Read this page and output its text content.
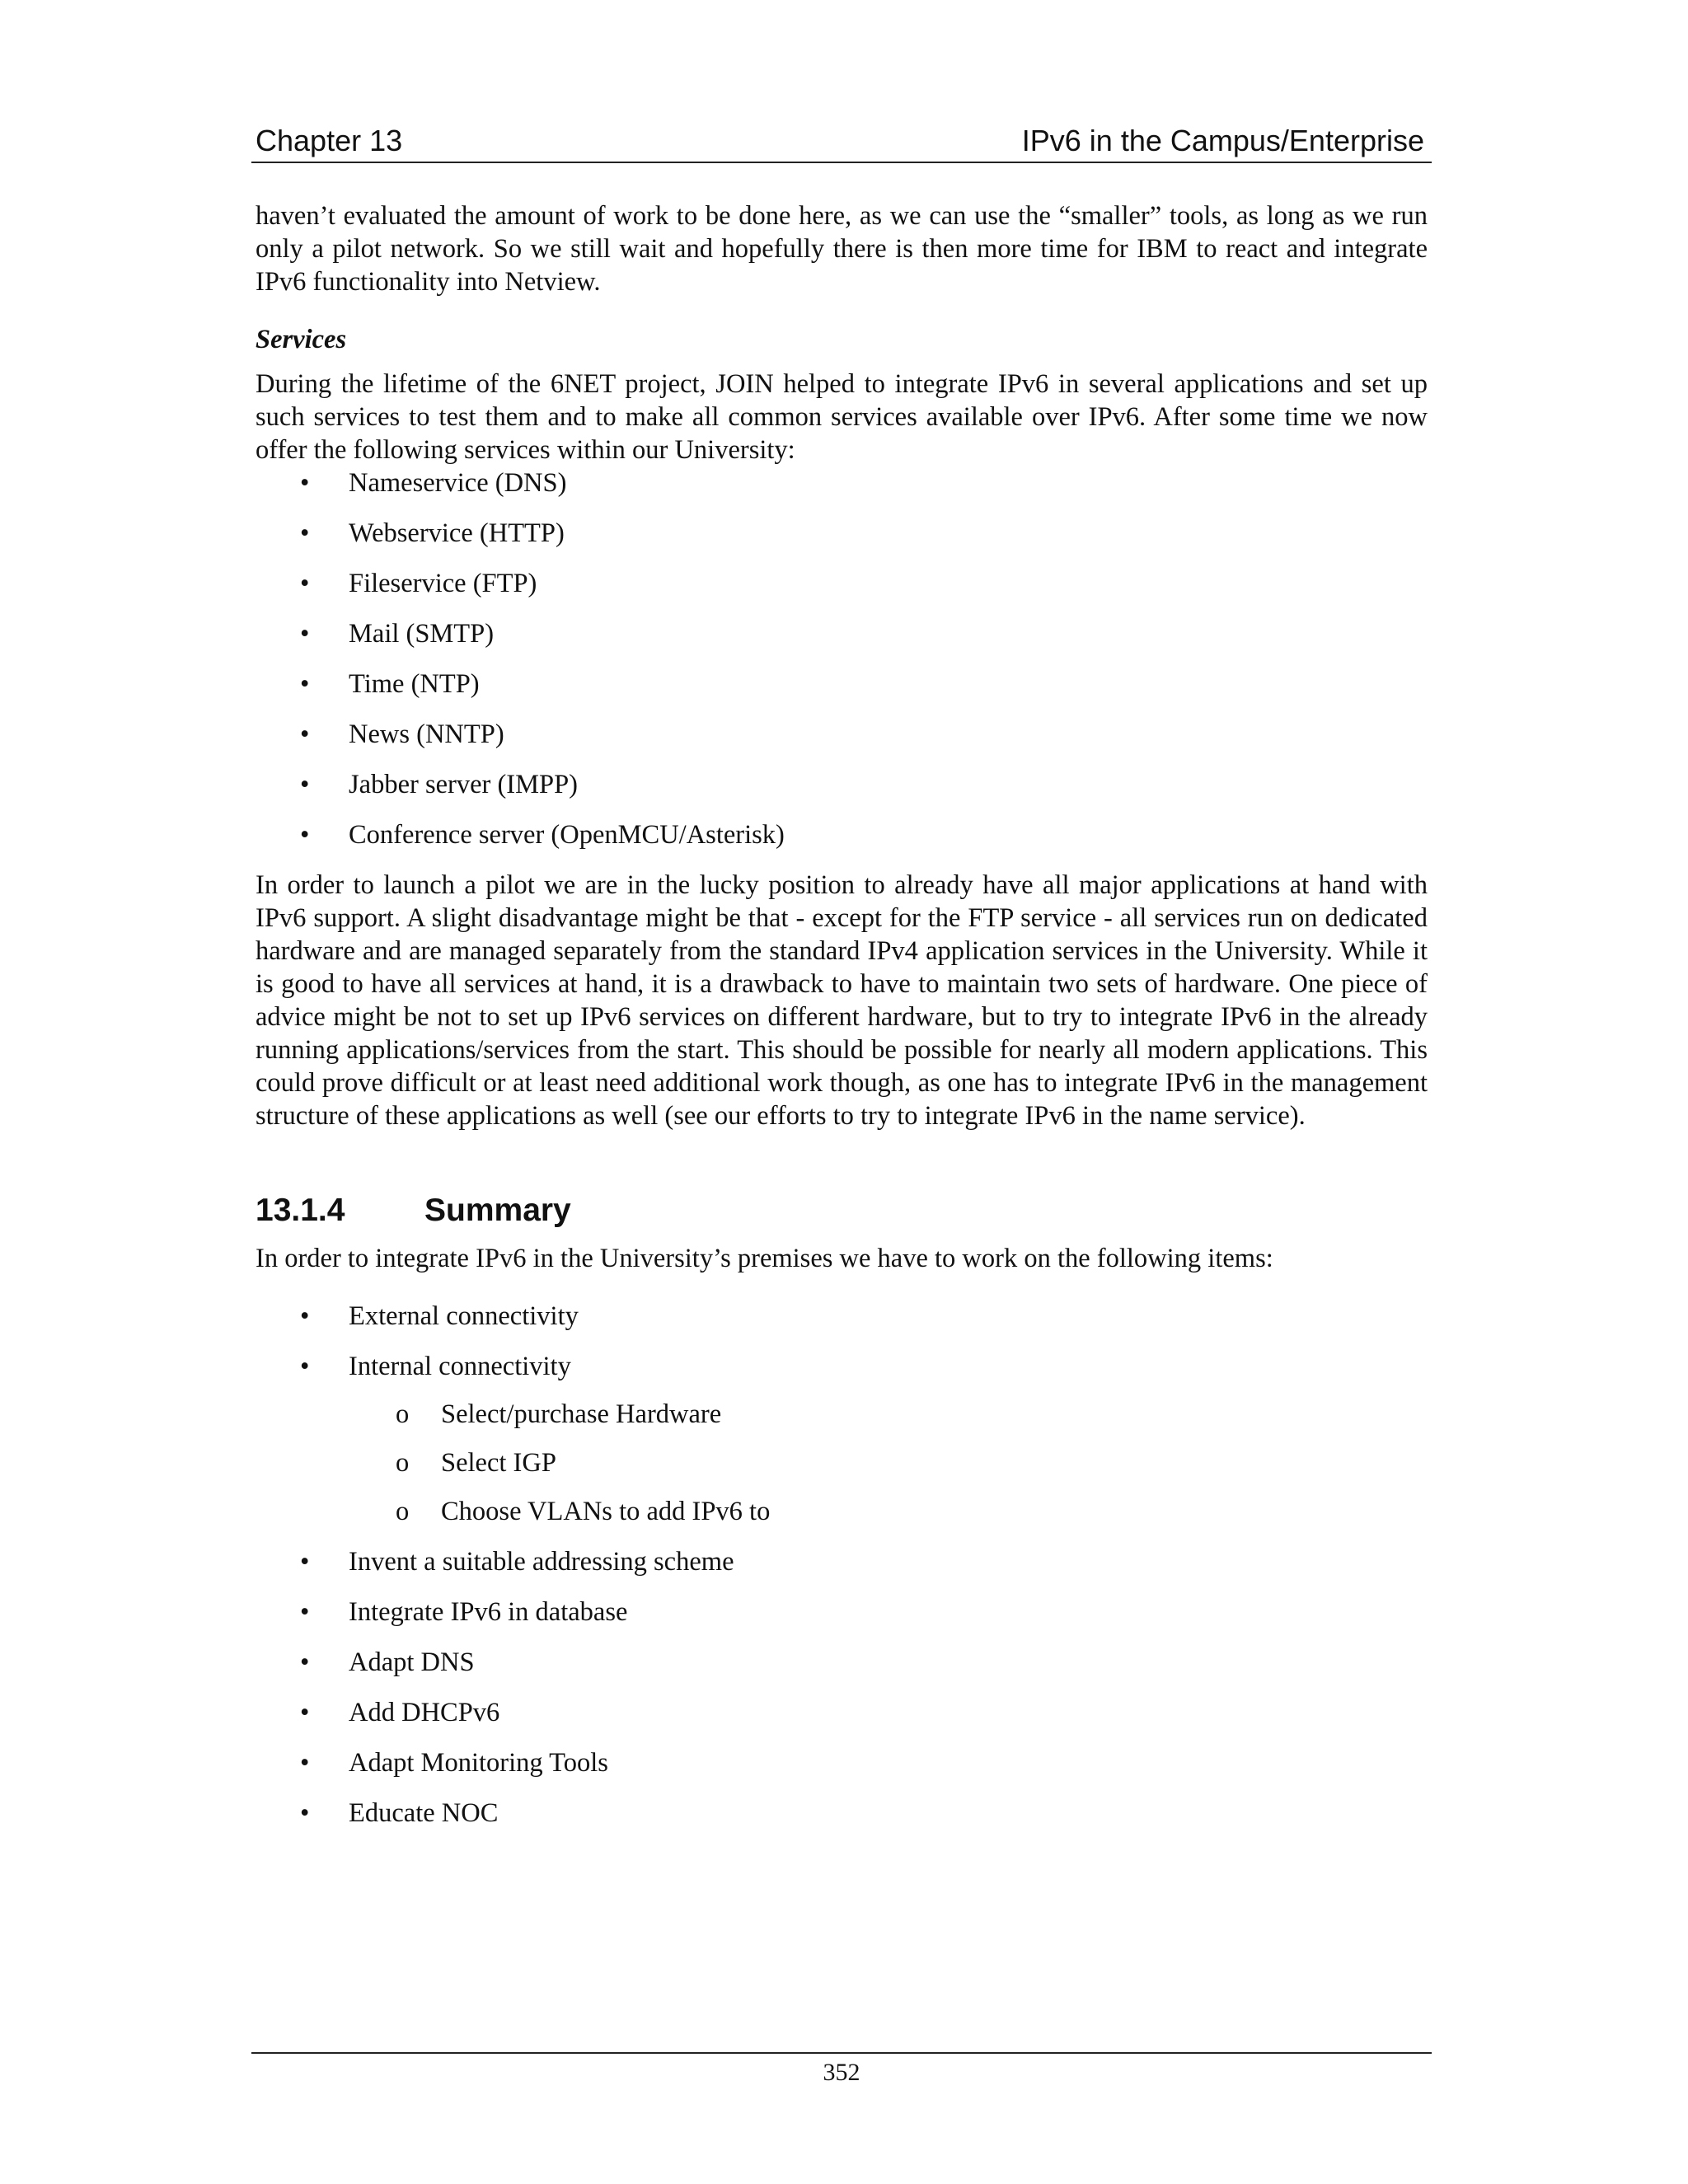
Chapter 13	IPv6 in the Campus/Enterprise

haven’t evaluated the amount of work to be done here, as we can use the “smaller” tools, as long as we run only a pilot network. So we still wait and hopefully there is then more time for IBM to react and integrate IPv6 functionality into Netview.

Services

During the lifetime of the 6NET project, JOIN helped to integrate IPv6 in several applications and set up such services to test them and to make all common services available over IPv6. After some time we now offer the following services within our University:

• Nameservice (DNS)
• Webservice (HTTP)
• Fileservice (FTP)
• Mail (SMTP)
• Time (NTP)
• News (NNTP)
• Jabber server (IMPP)
• Conference server (OpenMCU/Asterisk)

In order to launch a pilot we are in the lucky position to already have all major applications at hand with IPv6 support. A slight disadvantage might be that - except for the FTP service - all services run on dedicated hardware and are managed separately from the standard IPv4 application services in the University. While it is good to have all services at hand, it is a drawback to have to maintain two sets of hardware. One piece of advice might be not to set up IPv6 services on different hardware, but to try to integrate IPv6 in the already running applications/services from the start. This should be possible for nearly all modern applications. This could prove difficult or at least need additional work though, as one has to integrate IPv6 in the management structure of these applications as well (see our efforts to try to integrate IPv6 in the name service).

13.1.4 Summary

In order to integrate IPv6 in the University’s premises we have to work on the following items:

• External connectivity
• Internal connectivity
o Select/purchase Hardware
o Select IGP
o Choose VLANs to add IPv6 to
• Invent a suitable addressing scheme
• Integrate IPv6 in database
• Adapt DNS
• Add DHCPv6
• Adapt Monitoring Tools
• Educate NOC
352
